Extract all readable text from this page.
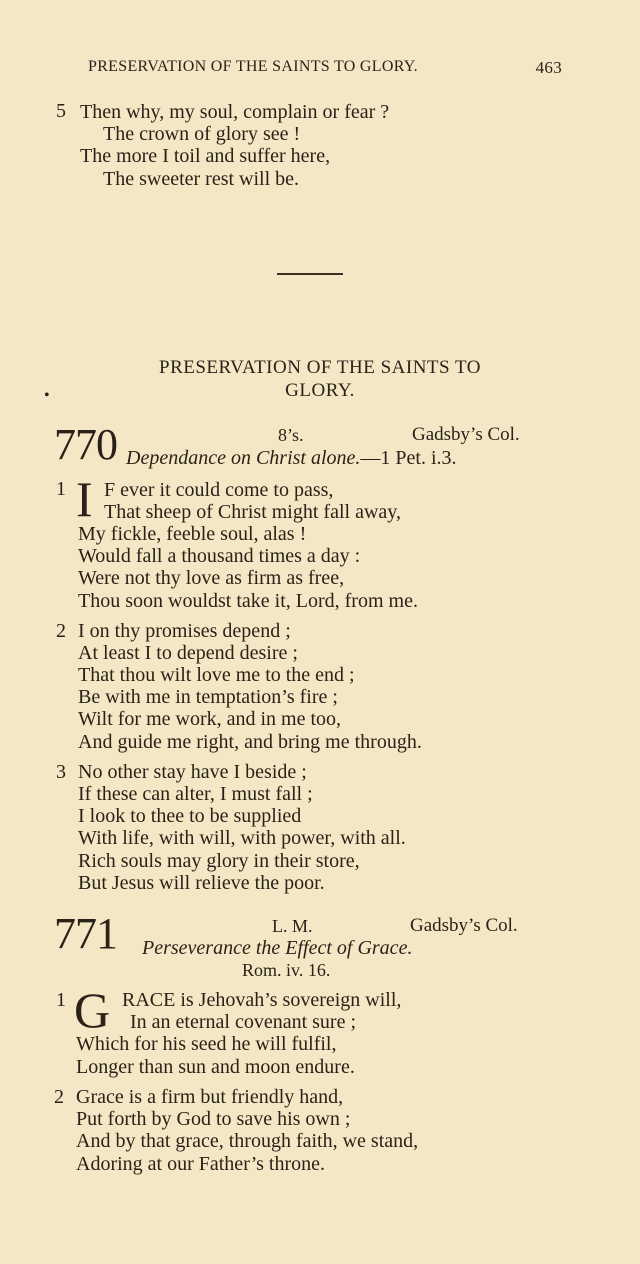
PRESERVATION OF THE SAINTS TO GLORY.	463
5 Then why, my soul, complain or fear ?
The crown of glory see !
The more I toil and suffer here,
The sweeter rest will be.
PRESERVATION OF THE SAINTS TO
GLORY.
•
770	8’s.	Gadsby’s Col.
Dependance on Christ alone.—1 Pet. i.3.
1 I F ever it could come to pass,
That sheep of Christ might fall away,
My fickle, feeble soul, alas !
Would fall a thousand times a day :
Were not thy love as firm as free,
Thou soon wouldst take it, Lord, from me.
2 I on thy promises depend ;
At least I to depend desire ;
That thou wilt love me to the end ;
Be with me in temptation’s fire ;
Wilt for me work, and in me too,
And guide me right, and bring me through.
3 No other stay have I beside ;
If these can alter, I must fall ;
I look to thee to be supplied
With life, with will, with power, with all.
Rich souls may glory in their store,
But Jesus will relieve the poor.
771	L. M.	Gadsby’s Col.
Perseverance the Effect of Grace.
Rom. iv. 16.
1 G RACE is Jehovah’s sovereign will,
In an eternal covenant sure ;
Which for his seed he will fulfil,
Longer than sun and moon endure.
2 Grace is a firm but friendly hand,
Put forth by God to save his own ;
And by that grace, through faith, we stand,
Adoring at our Father’s throne.
